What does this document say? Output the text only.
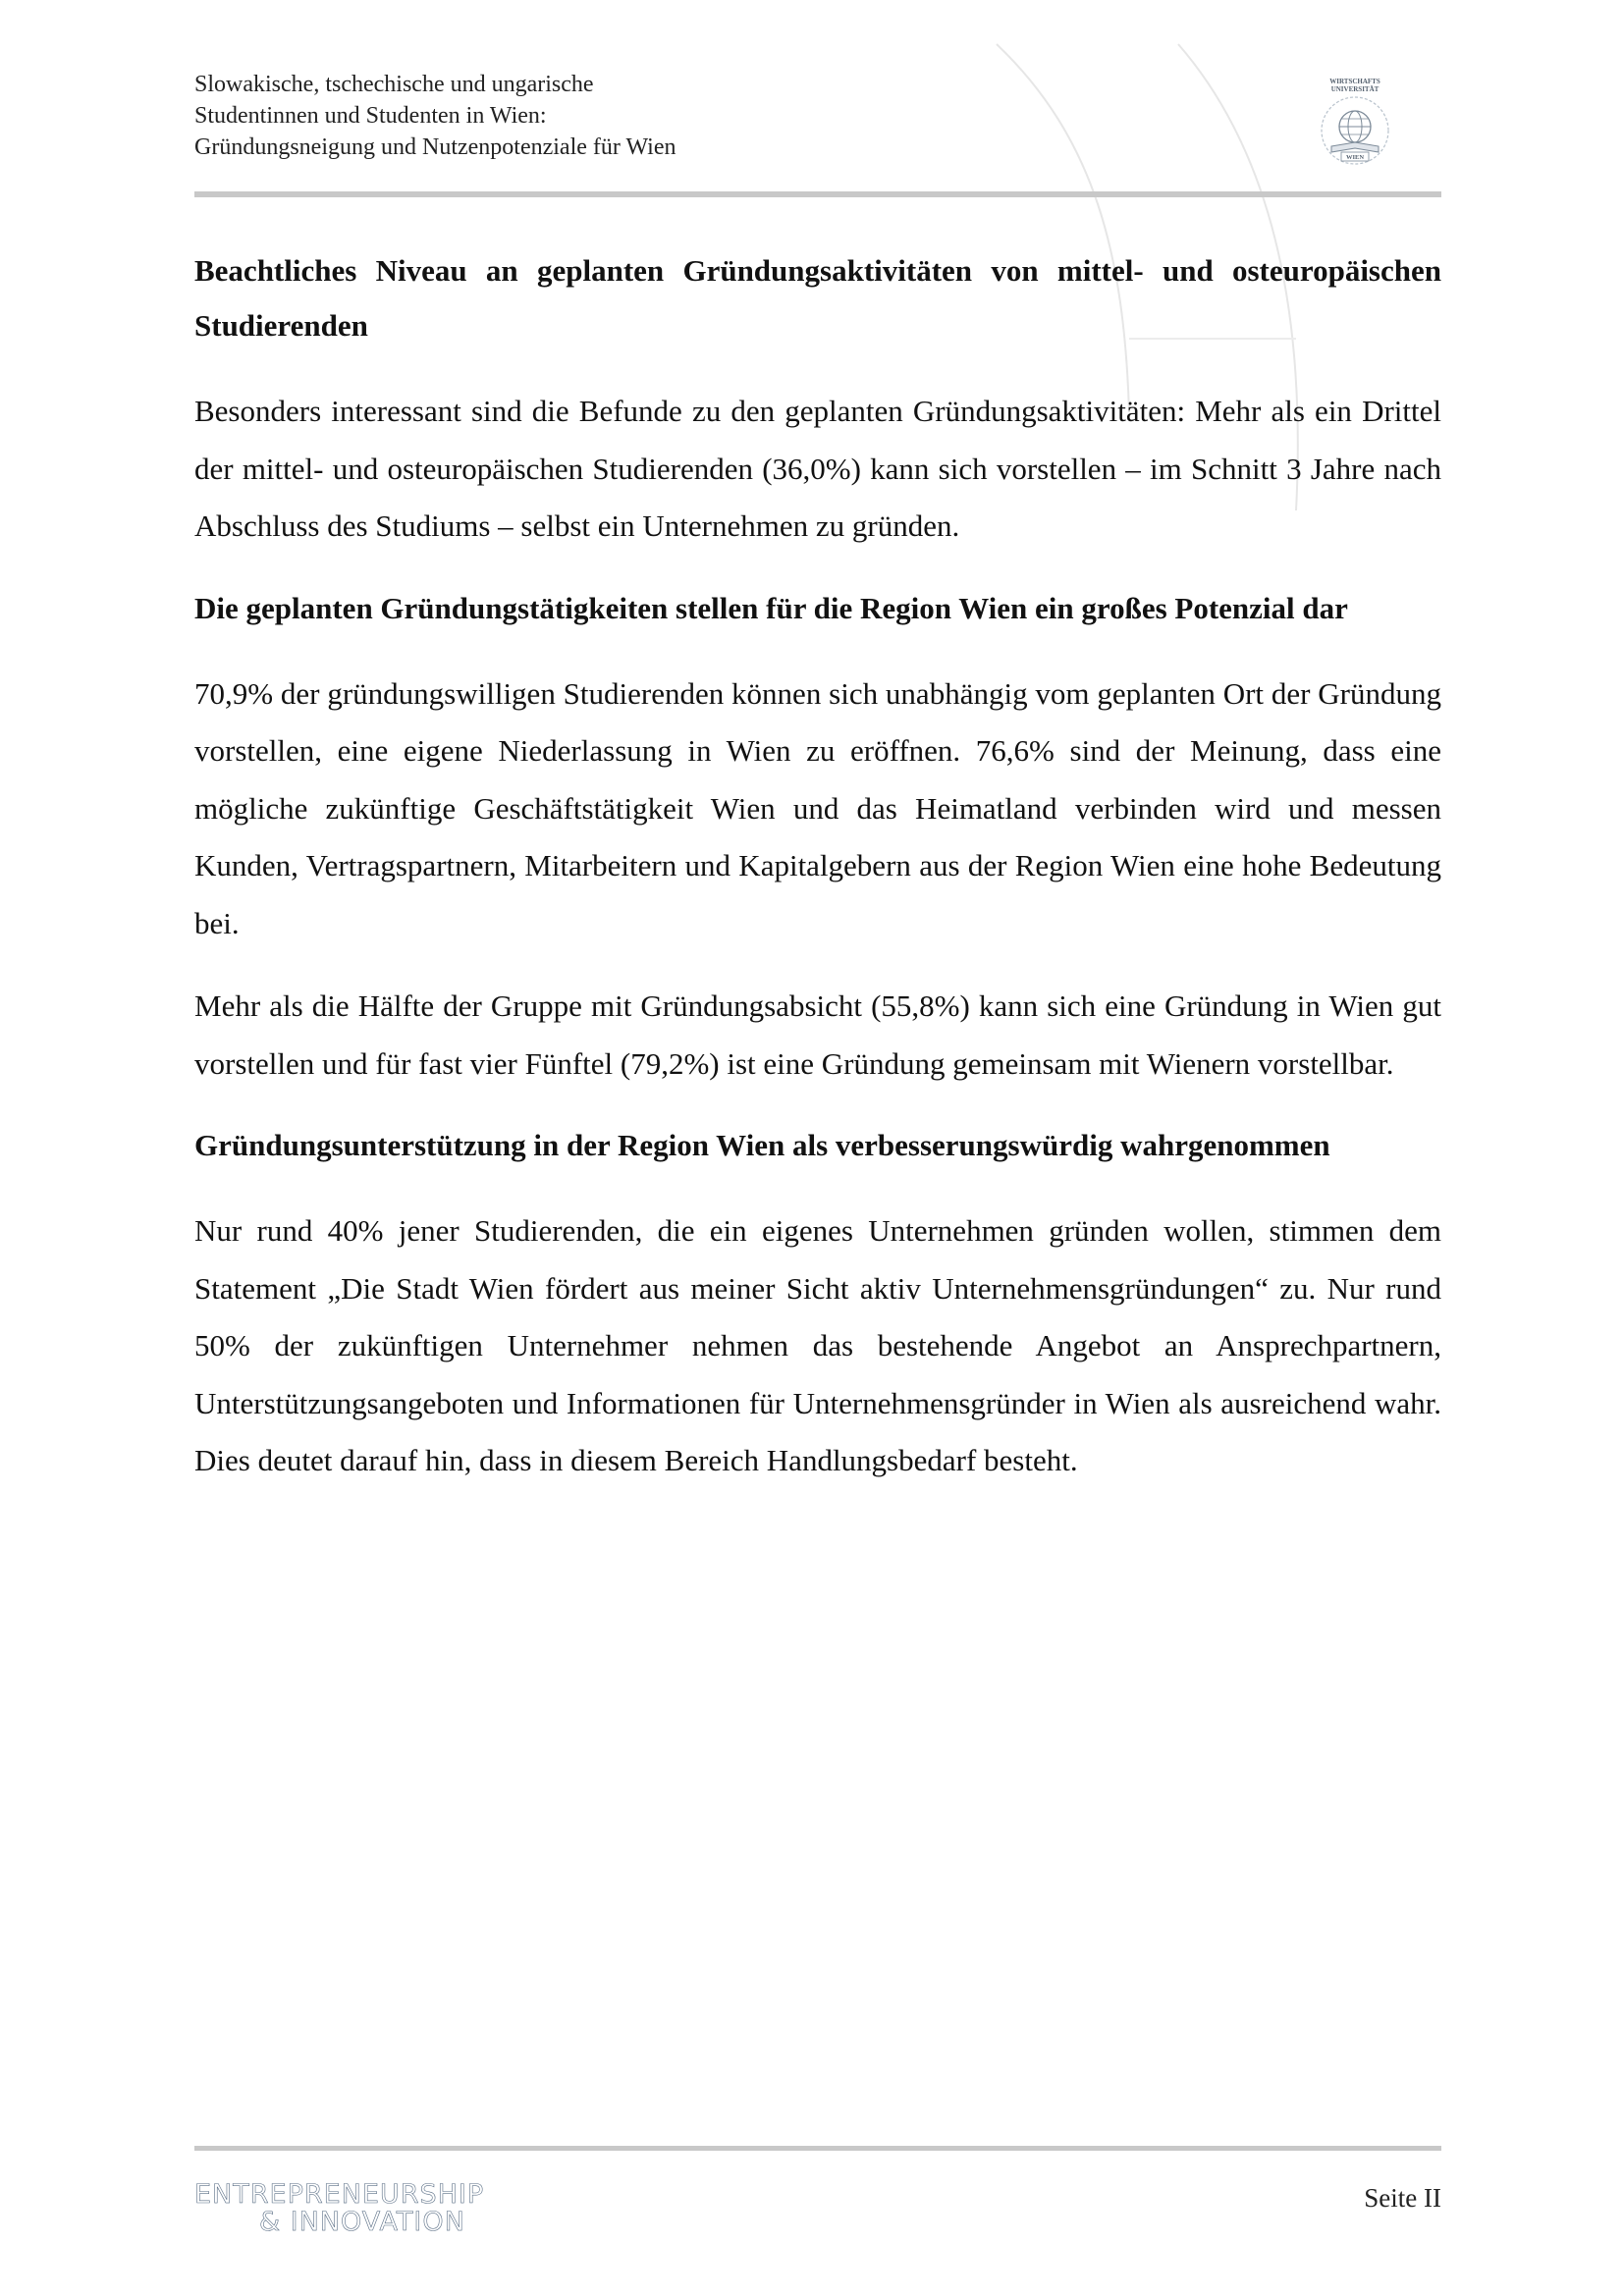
Slowakische, tschechische und ungarische
Studentinnen und Studenten in Wien:
Gründungsneigung und Nutzenpotenziale für Wien
WIRTSCHAFTS
UNIVERSITÄT
WIEN
Beachtliches Niveau an geplanten Gründungsaktivitäten von mittel- und osteuropäischen Studierenden

Besonders interessant sind die Befunde zu den geplanten Gründungsaktivitäten: Mehr als ein Drittel der mittel- und osteuropäischen Studierenden (36,0%) kann sich vorstellen – im Schnitt 3 Jahre nach Abschluss des Studiums – selbst ein Unternehmen zu gründen.

Die geplanten Gründungstätigkeiten stellen für die Region Wien ein großes Potenzial dar

70,9% der gründungswilligen Studierenden können sich unabhängig vom geplanten Ort der Gründung vorstellen, eine eigene Niederlassung in Wien zu eröffnen. 76,6% sind der Meinung, dass eine mögliche zukünftige Geschäftstätigkeit Wien und das Heimatland verbinden wird und messen Kunden, Vertragspartnern, Mitarbeitern und Kapitalgebern aus der Region Wien eine hohe Bedeutung bei.

Mehr als die Hälfte der Gruppe mit Gründungsabsicht (55,8%) kann sich eine Gründung in Wien gut vorstellen und für fast vier Fünftel (79,2%) ist eine Gründung gemeinsam mit Wienern vorstellbar.

Gründungsunterstützung in der Region Wien als verbesserungswürdig wahrgenommen

Nur rund 40% jener Studierenden, die ein eigenes Unternehmen gründen wollen, stimmen dem Statement „Die Stadt Wien fördert aus meiner Sicht aktiv Unternehmensgründungen“ zu. Nur rund 50% der zukünftigen Unternehmer nehmen das bestehende Angebot an Ansprechpartnern, Unterstützungsangeboten und Informationen für Unternehmensgründer in Wien als ausreichend wahr. Dies deutet darauf hin, dass in diesem Bereich Handlungsbedarf besteht.

ENTREPRENEURSHIP
& INNOVATION
Seite II
